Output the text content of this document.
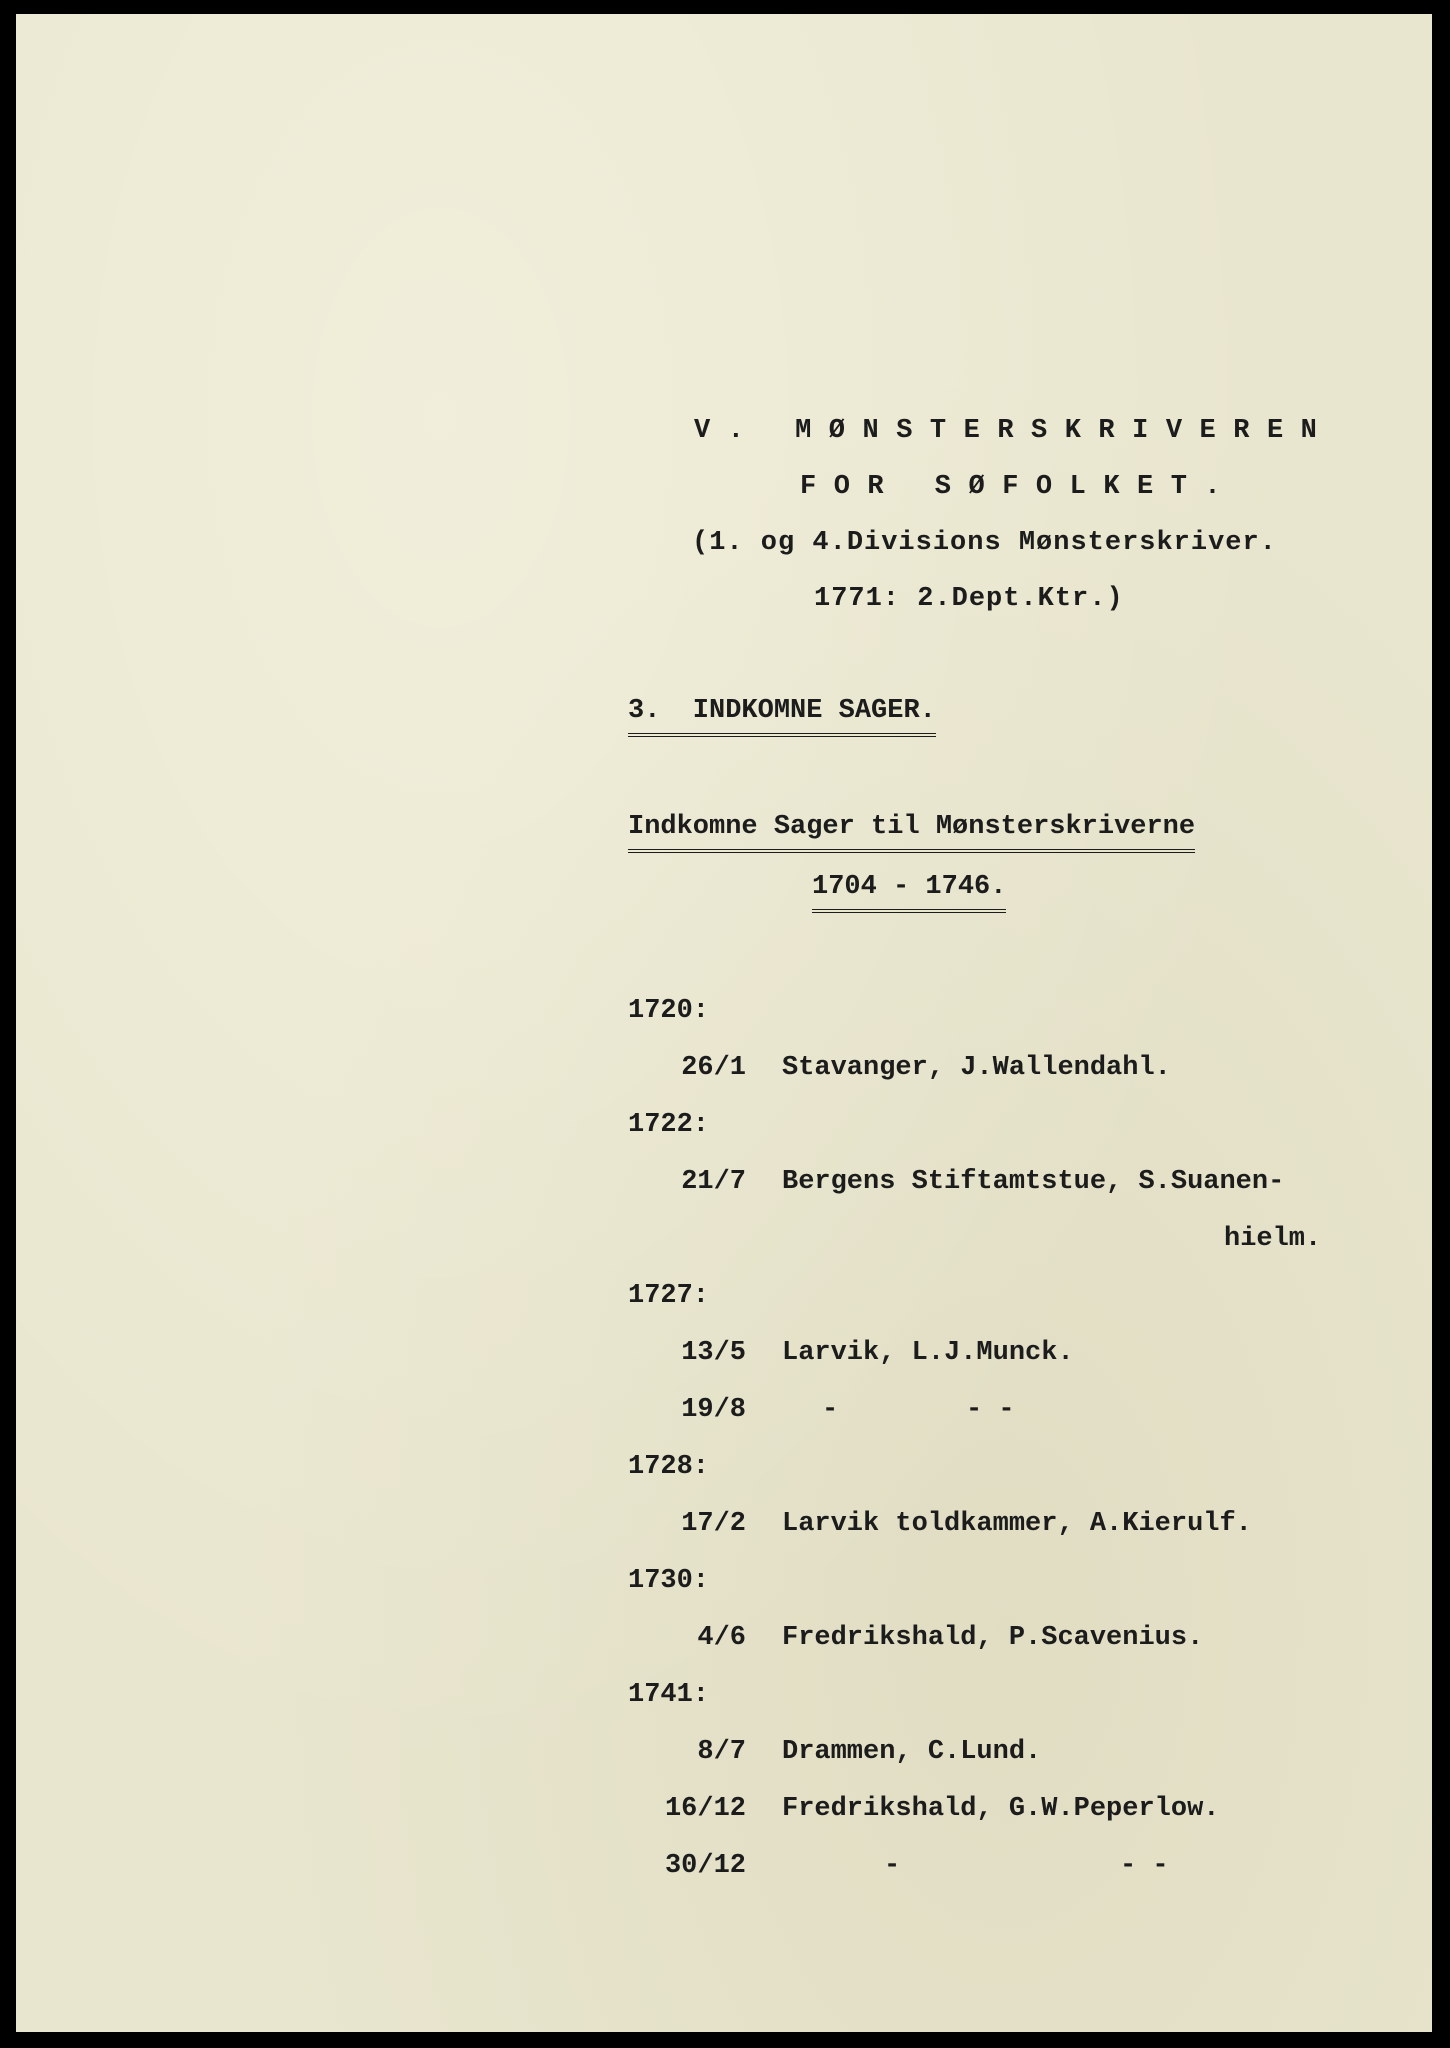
V. MØNSTERSKRIVEREN
FOR SØFOLKET.
(1. og 4.Divisions Mønsterskriver.
1771: 2.Dept.Ktr.)
3.  INDKOMNE SAGER.
Indkomne Sager til Mønsterskriverne
1704 - 1746.
1720:
26/1 Stavanger, J.Wallendahl.
1722:
21/7 Bergens Stiftamtstue, S.Suanen-
hielm.
1727:
13/5 Larvik, L.J.Munck.
19/8	-	- -
1728:
17/2 Larvik toldkammer, A.Kierulf.
1730:
4/6 Fredrikshald, P.Scavenius.
1741:
8/7 Drammen, C.Lund.
16/12 Fredrikshald, G.W.Peperlow.
30/12	-	- -
